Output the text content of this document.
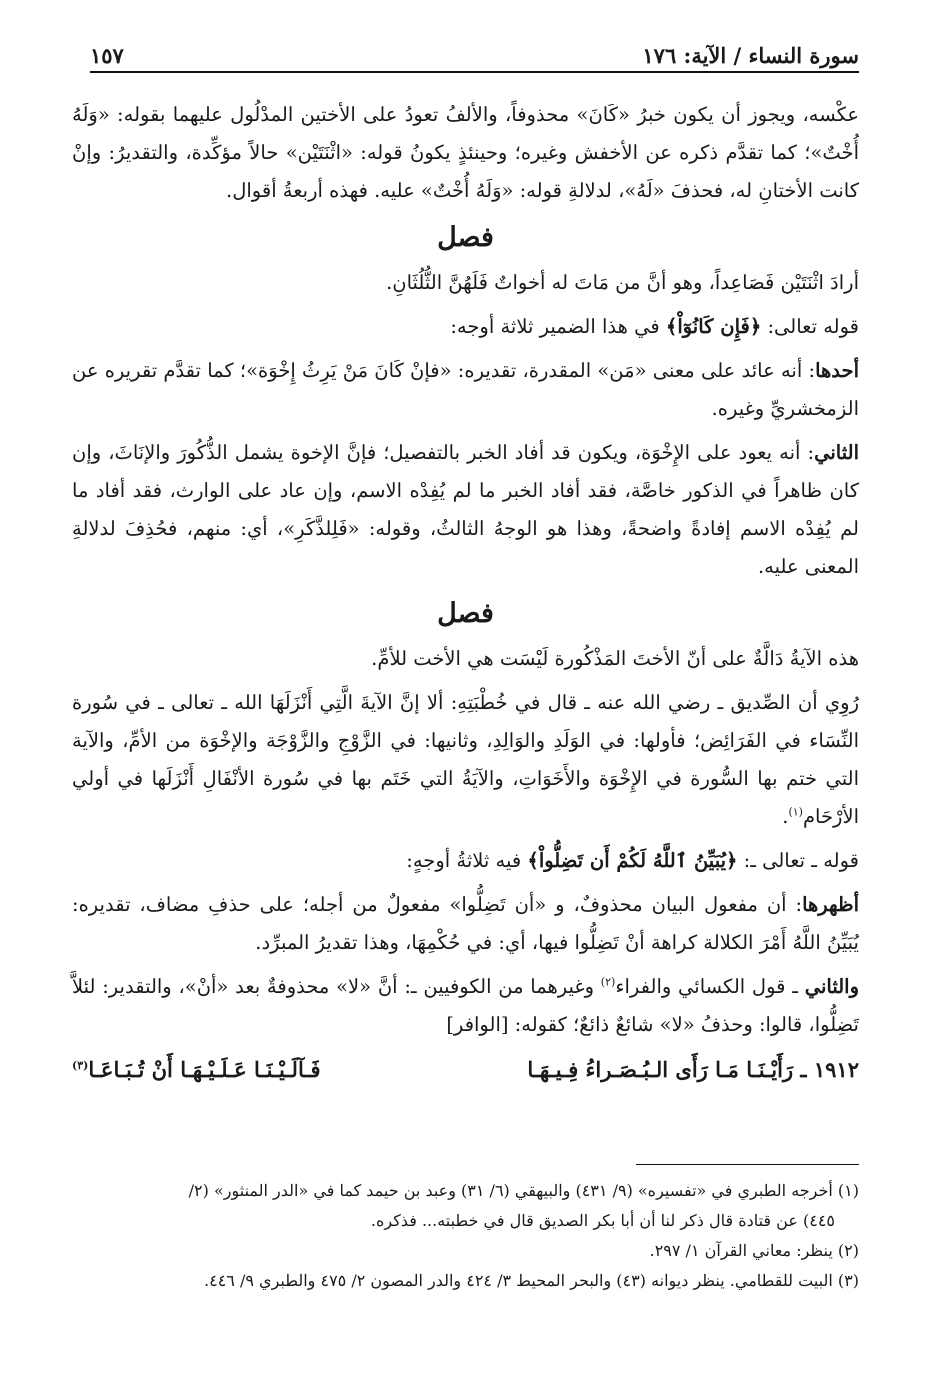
سورة النساء / الآية: ١٧٦
١٥٧

عكْسه، ويجوز أن يكون خبرُ «كَانَ» محذوفاً، والألفُ تعودُ على الأختين المدْلُول عليهما بقوله: «وَلَهُ أُخْتٌ»؛ كما تقدَّم ذكره عن الأخفش وغيره؛ وحينئذٍ يكونُ قوله: «اثْنَتَيْن» حالاً مؤكِّدة، والتقديرُ: وإنْ كانت الأختانِ له، فحذفَ «لَهُ»، لدلالةِ قوله: «وَلَهُ أُخْتٌ» عليه. فهذه أربعةُ أقوال.

فصل

أرادَ اثْنَتَيْن فَصَاعِداً، وهو أنَّ من مَاتَ له أخواتٌ فَلَهُنَّ الثُّلُثَانِ.

قوله تعالى: ﴿فَإِن كَانُوٓاْ﴾ في هذا الضمير ثلاثة أوجه:

أحدها: أنه عائد على معنى «مَن» المقدرة، تقديره: «فإنْ كَانَ مَنْ يَرِثُ إِخْوَة»؛ كما تقدَّم تقريره عن الزمخشريِّ وغيره.

الثاني: أنه يعود على الإِخْوَة، ويكون قد أفاد الخبر بالتفصيل؛ فإنَّ الإخوة يشمل الذُّكُورَ والإنَاثَ، وإن كان ظاهراً في الذكور خاصَّة، فقد أفاد الخبر ما لم يُفِدْه الاسم، وإن عاد على الوارث، فقد أفاد ما لم يُفِدْه الاسم إفادةً واضحةً، وهذا هو الوجهُ الثالثُ، وقوله: «فَلِلذَّكَرِ»، أي: منهم، فحُذِفَ لدلالةِ المعنى عليه.

فصل

هذه الآيةُ دَالَّةٌ على أنّ الأختَ المَذْكُورة لَيْسَت هي الأخت للأمِّ.

رُوِي أن الصِّديق ـ رضي الله عنه ـ قال في خُطْبَتِهِ: ألا إنَّ الآيةَ الَّتِي أَنْزَلَهَا الله ـ تعالى ـ في سُورة النِّسَاء في الفَرَائِض؛ فأولها: في الوَلَدِ والوَالِدِ، وثانيها: في الزَّوْجِ والزَّوْجَة والإخْوَة من الأمِّ، والآية التي ختم بها السُّورة في الإِخْوَة والأَخَوَاتِ، والآيَةُ التي خَتَم بها في سُورة الأنْفَالِ أَنْزَلَها في أولي الأرْحَام$^{(١)}$.

قوله ـ تعالى ـ: ﴿يُبَيِّنُ ٱللَّهُ لَكُمْ أَن تَضِلُّواْ﴾ فيه ثلاثةُ أوجهٍ:

أظهرها: أن مفعول البيان محذوفٌ، و «أن تَضِلُّوا» مفعولٌ من أجله؛ على حذفِ مضاف، تقديره: يُبَيِّنُ اللَّهُ أَمْرَ الكلالة كراهة أنْ تَضِلُّوا فيها، أي: في حُكْمِهَا، وهذا تقديرُ المبرِّد.

والثاني ـ قول الكسائي والفراء$^{(٢)}$ وغيرهما من الكوفيين ـ: أنَّ «لا» محذوفةٌ بعد «أنْ»، والتقدير: لئلاَّ تَضِلُّوا، قالوا: وحذفُ «لا» شائعٌ ذائعٌ؛ كقوله: [الوافر]

١٩١٢ ـ رَأَيْـنَـا مَـا رَأَى الـبُـصَـراءُ فِـيـهَـا
فَـآلَـيْـنَـا عَـلَـيْـهَـا أَنْ تُـبَـاعَـا$^{(٣)}$

(١) أخرجه الطبري في «تفسيره» (٩/ ٤٣١) والبيهقي (٦/ ٣١) وعبد بن حيمد كما في «الدر المنثور» (٢/

٤٤٥) عن قتادة قال ذكر لنا أن أبا بكر الصديق قال في خطبته... فذكره.

(٢) ينظر: معاني القرآن ١/ ٢٩٧.

(٣) البيت للقطامي. ينظر ديوانه (٤٣) والبحر المحيط ٣/ ٤٢٤ والدر المصون ٢/ ٤٧٥ والطبري ٩/ ٤٤٦.
